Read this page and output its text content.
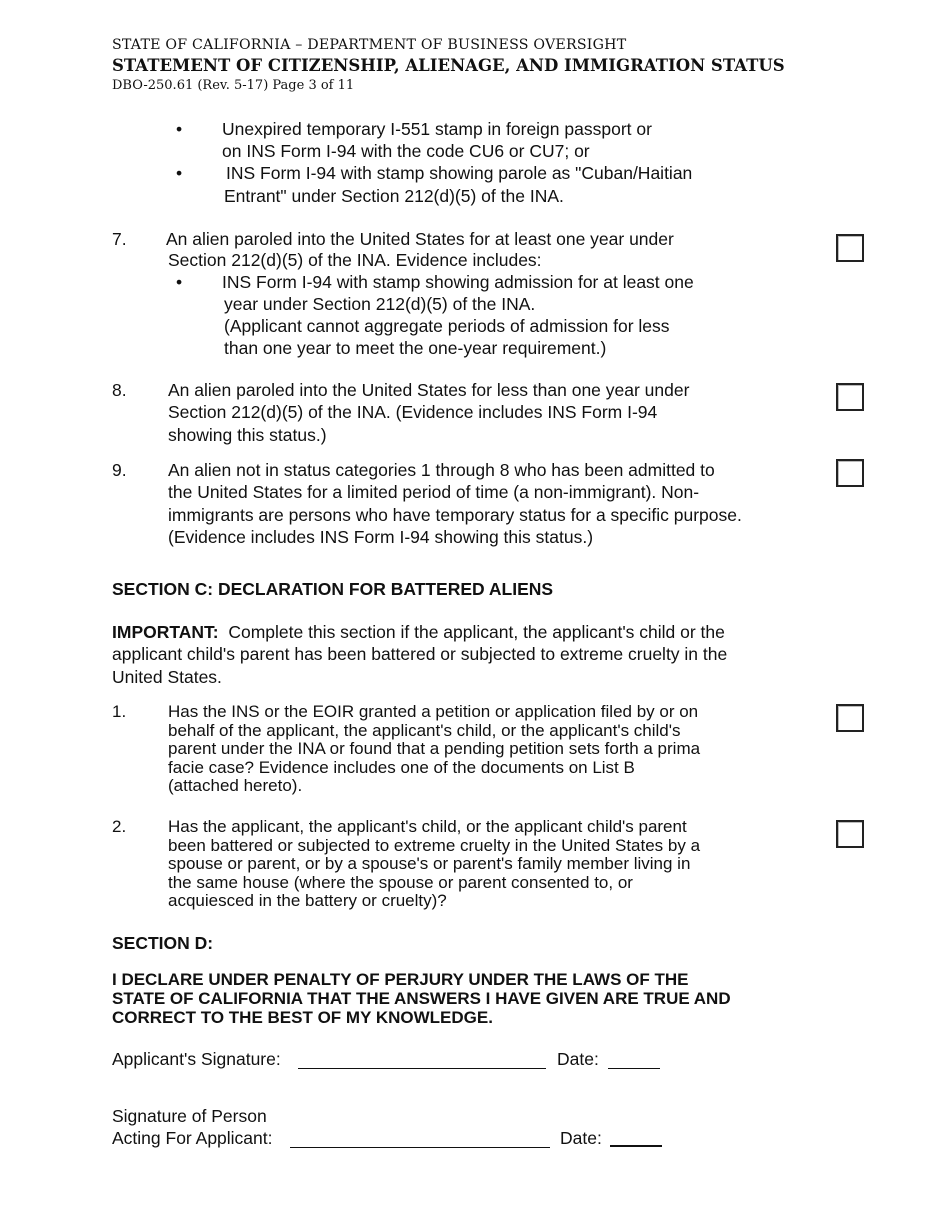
STATE OF CALIFORNIA – DEPARTMENT OF BUSINESS OVERSIGHT
STATEMENT OF CITIZENSHIP, ALIENAGE, AND IMMIGRATION STATUS
DBO-250.61 (Rev. 5-17) Page 3 of 11
• Unexpired temporary I-551 stamp in foreign passport or
on INS Form I-94 with the code CU6 or CU7; or
•	INS Form I-94 with stamp showing parole as "Cuban/Haitian
Entrant" under Section 212(d)(5) of the INA.
7. An alien paroled into the United States for at least one year under
Section 212(d)(5) of the INA. Evidence includes:
• INS Form I-94 with stamp showing admission for at least one
year under Section 212(d)(5) of the INA.
(Applicant cannot aggregate periods of admission for less
than one year to meet the one-year requirement.)
8. An alien paroled into the United States for less than one year under
Section 212(d)(5) of the INA. (Evidence includes INS Form I-94
showing this status.)
9. An alien not in status categories 1 through 8 who has been admitted to
the United States for a limited period of time (a non-immigrant). Non-
immigrants are persons who have temporary status for a specific purpose.
(Evidence includes INS Form I-94 showing this status.)
SECTION C: DECLARATION FOR BATTERED ALIENS
IMPORTANT:  Complete this section if the applicant, the applicant's child or the
applicant child's parent has been battered or subjected to extreme cruelty in the
United States.
1. Has the INS or the EOIR granted a petition or application filed by or on
behalf of the applicant, the applicant's child, or the applicant's child's
parent under the INA or found that a pending petition sets forth a prima
facie case? Evidence includes one of the documents on List B
(attached hereto).
2. Has the applicant, the applicant's child, or the applicant child's parent
been battered or subjected to extreme cruelty in the United States by a
spouse or parent, or by a spouse's or parent's family member living in
the same house (where the spouse or parent consented to, or
acquiesced in the battery or cruelty)?
SECTION D:
I DECLARE UNDER PENALTY OF PERJURY UNDER THE LAWS OF THE
STATE OF CALIFORNIA THAT THE ANSWERS I HAVE GIVEN ARE TRUE AND
CORRECT TO THE BEST OF MY KNOWLEDGE.
Applicant's Signature:	Date:
Signature of Person
Acting For Applicant:	Date:
